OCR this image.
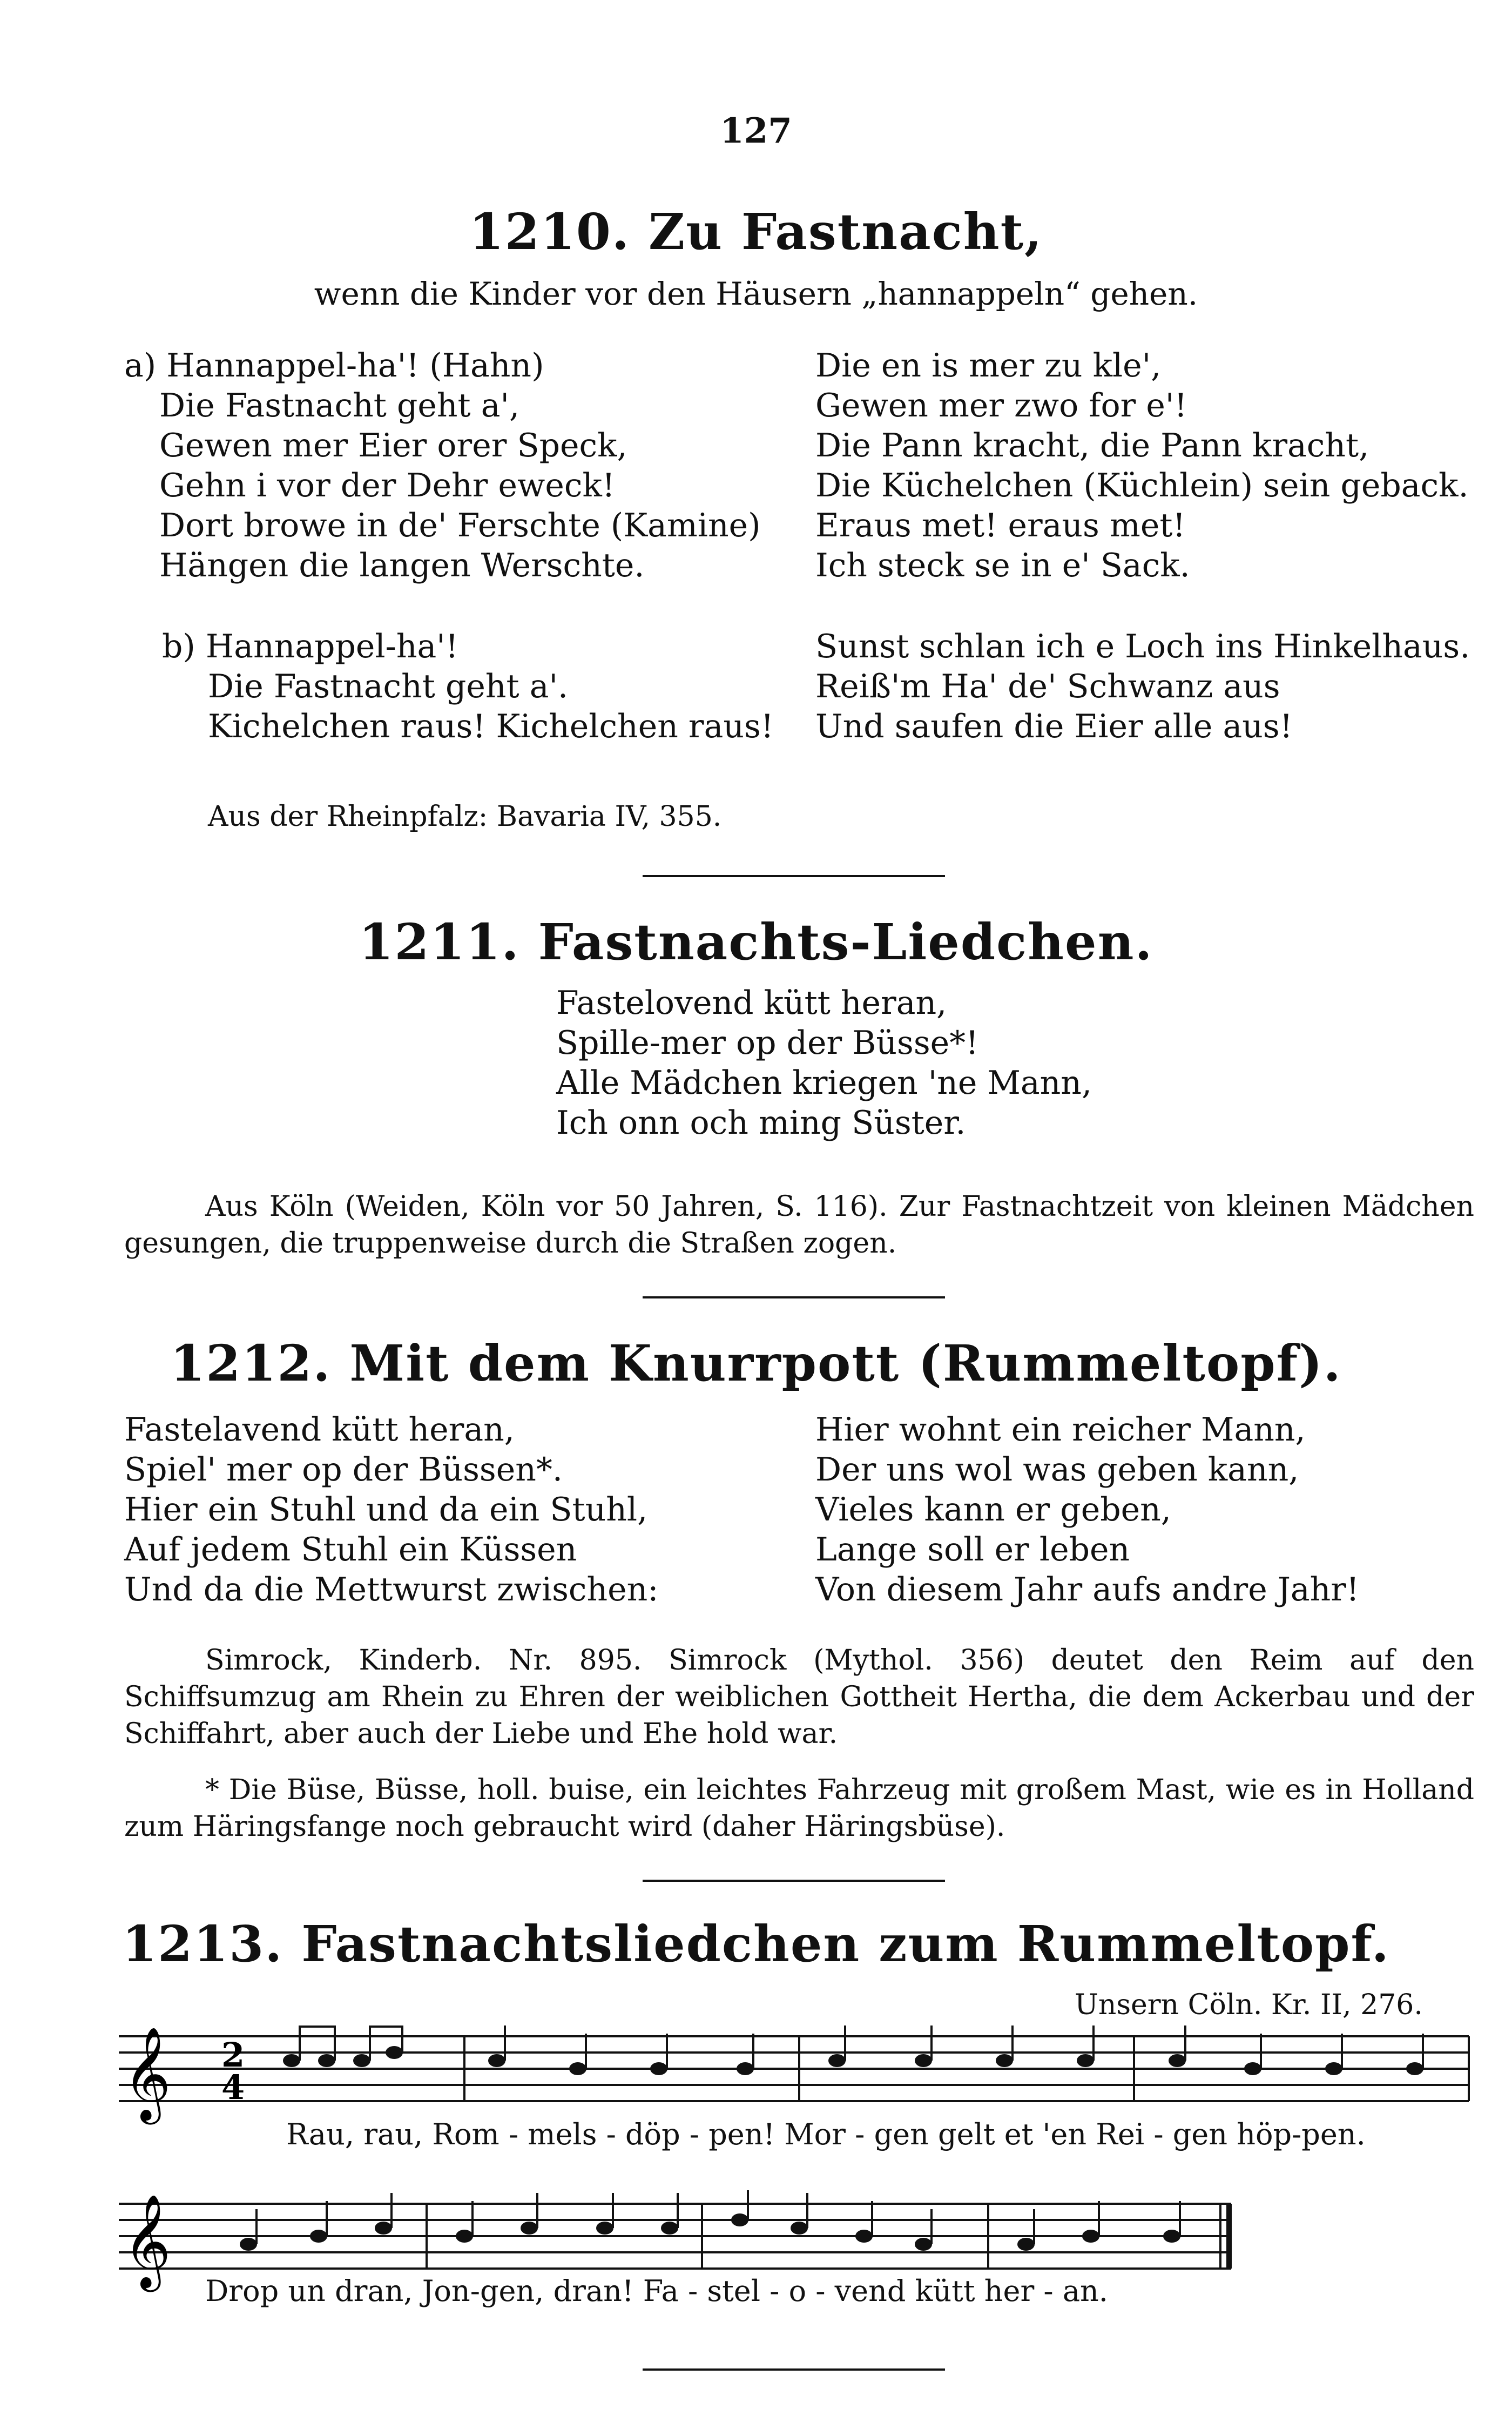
127
1210. Zu Fastnacht,
wenn die Kinder vor den Häusern „hannappeln“ gehen.
a) Hannappel-ha'! (Hahn)
Die Fastnacht geht a',
Gewen mer Eier orer Speck,
Gehn i vor der Dehr eweck!
Dort browe in de' Ferschte (Kamine)
Hängen die langen Werschte.
b) Hannappel-ha'!
Die Fastnacht geht a'.
Kichelchen raus! Kichelchen raus!
Die en is mer zu kle',
Gewen mer zwo for e'!
Die Pann kracht, die Pann kracht,
Die Küchelchen (Küchlein) sein geback.
Eraus met! eraus met!
Ich steck se in e' Sack.
Sunst schlan ich e Loch ins Hinkelhaus.
Reiß'm Ha' de' Schwanz aus
Und saufen die Eier alle aus!
Aus der Rheinpfalz: Bavaria IV, 355.
1211. Fastnachts-Liedchen.
Fastelovend kütt heran,
Spille-mer op der Büsse*!
Alle Mädchen kriegen 'ne Mann,
Ich onn och ming Süster.
Aus Köln (Weiden, Köln vor 50 Jahren, S. 116). Zur Fastnachtzeit von kleinen Mädchen gesungen, die truppenweise durch die Straßen zogen.
1212. Mit dem Knurrpott (Rummeltopf).
Fastelavend kütt heran,
Spiel' mer op der Büssen*.
Hier ein Stuhl und da ein Stuhl,
Auf jedem Stuhl ein Küssen
Und da die Mettwurst zwischen:
Hier wohnt ein reicher Mann,
Der uns wol was geben kann,
Vieles kann er geben,
Lange soll er leben
Von diesem Jahr aufs andre Jahr!
Simrock, Kinderb. Nr. 895. Simrock (Mythol. 356) deutet den Reim auf den Schiffsumzug am Rhein zu Ehren der weiblichen Gottheit Hertha, die dem Ackerbau und der Schiffahrt, aber auch der Liebe und Ehe hold war.
* Die Büse, Büsse, holl. buise, ein leichtes Fahrzeug mit großem Mast, wie es in Holland zum Häringsfange noch gebraucht wird (daher Häringsbüse).
1213. Fastnachtsliedchen zum Rummeltopf.
Unsern Cöln. Kr. II, 276.
𝄞 2
4
Rau, rau, Rom - mels - döp - pen! Mor - gen gelt et 'en Rei - gen höp-pen.
𝄞
Drop un dran, Jon-gen, dran! Fa - stel - o - vend kütt her - an.
